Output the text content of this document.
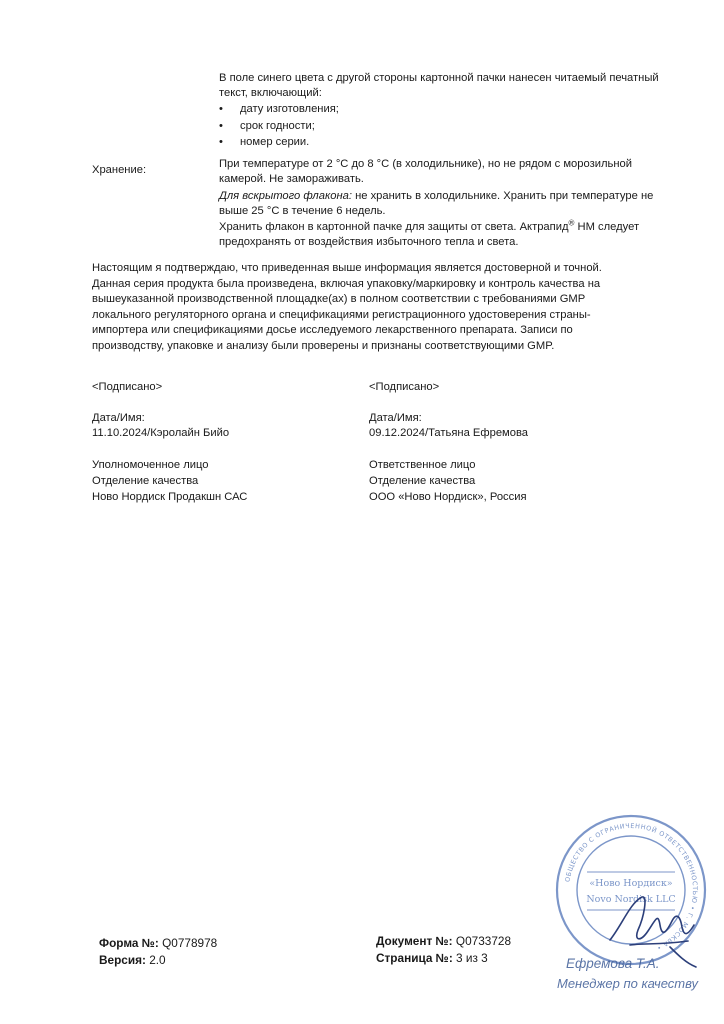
В поле синего цвета с другой стороны картонной пачки нанесен читаемый печатный текст, включающий:

• дату изготовления;
• срок годности;
• номер серии.
Хранение:	При температуре от 2 °C до 8 °C (в холодильнике), но не рядом с морозильной камерой. Не замораживать.

Для вскрытого флакона: не хранить в холодильнике. Хранить при температуре не выше 25 °C в течение 6 недель.

Хранить флакон в картонной пачке для защиты от света. Актрапид® НМ следует предохранять от воздействия избыточного тепла и света.

Настоящим я подтверждаю, что приведенная выше информация является достоверной и точной. Данная серия продукта была произведена, включая упаковку/маркировку и контроль качества на вышеуказанной производственной площадке(ах) в полном соответствии с требованиями GMP локального регуляторного органа и спецификациями регистрационного удостоверения страны-импортера или спецификациями досье исследуемого лекарственного препарата. Записи по производству, упаковке и анализу были проверены и признаны соответствующими GMP.

<Подписано>
Дата/Имя:
11.10.2024/Кэролайн Бийо
Уполномоченное лицо
Отделение качества
Ново Нордиск Продакшн САС
<Подписано>
Дата/Имя:
09.12.2024/Татьяна Ефремова
Ответственное лицо
Отделение качества
ООО «Ново Нордиск», Россия
ОБЩЕСТВО С ОГРАНИЧЕННОЙ ОТВЕТСТВЕННОСТЬЮ • Г. МОСКВА •
«Ново Нордиск»
Novo Nordisk LLC
Ефремова Т.А.
Менеджер по качеству
Форма №: Q0778978
Версия: 2.0
Документ №: Q0733728
Страница №: 3 из 3
